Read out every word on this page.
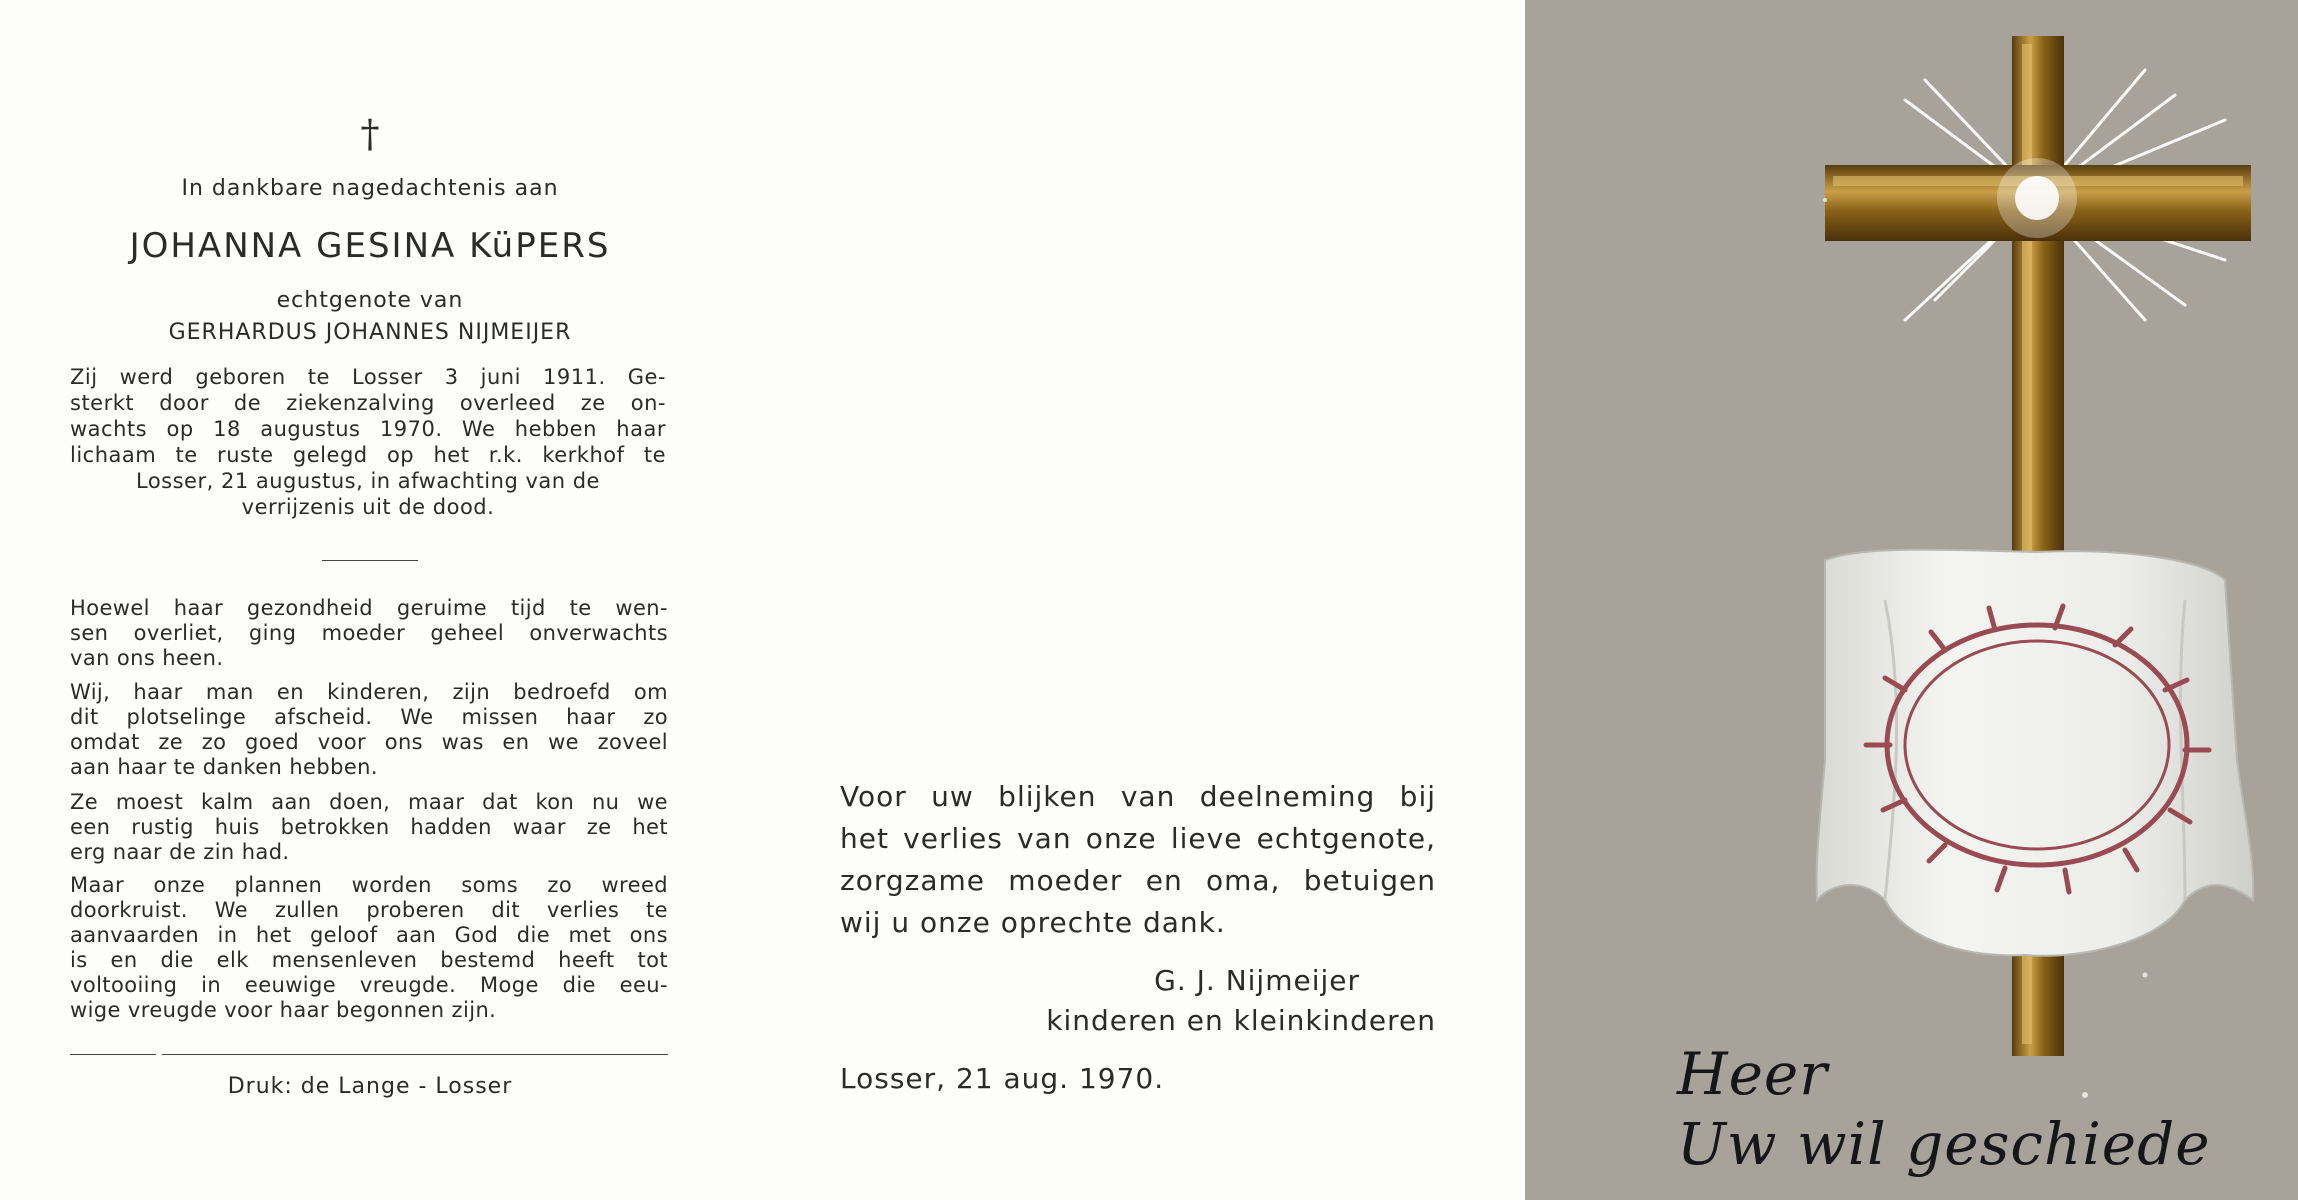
†
In dankbare nagedachtenis aan
JOHANNA GESINA KüPERS
echtgenote van
GERHARDUS JOHANNES NIJMEIJER
Zij werd geboren te Losser 3 juni 1911. Ge-
sterkt door de ziekenzalving overleed ze on-
wachts op 18 augustus 1970. We hebben haar
lichaam te ruste gelegd op het r.k. kerkhof te
Losser, 21 augustus, in afwachting van de
verrijzenis uit de dood.
Hoewel haar gezondheid geruime tijd te wen-
sen overliet, ging moeder geheel onverwachts
van ons heen.
Wij, haar man en kinderen, zijn bedroefd om
dit plotselinge afscheid. We missen haar zo
omdat ze zo goed voor ons was en we zoveel
aan haar te danken hebben.
Ze moest kalm aan doen, maar dat kon nu we
een rustig huis betrokken hadden waar ze het
erg naar de zin had.
Maar onze plannen worden soms zo wreed
doorkruist. We zullen proberen dit verlies te
aanvaarden in het geloof aan God die met ons
is en die elk mensenleven bestemd heeft tot
voltooiing in eeuwige vreugde. Moge die eeu-
wige vreugde voor haar begonnen zijn.
Druk: de Lange - Losser
Voor uw blijken van deelneming bij
het verlies van onze lieve echtgenote,
zorgzame moeder en oma, betuigen
wij u onze oprechte dank.
G. J. Nijmeijer
kinderen en kleinkinderen
Losser, 21 aug. 1970.	Heer
Uw wil geschiede
